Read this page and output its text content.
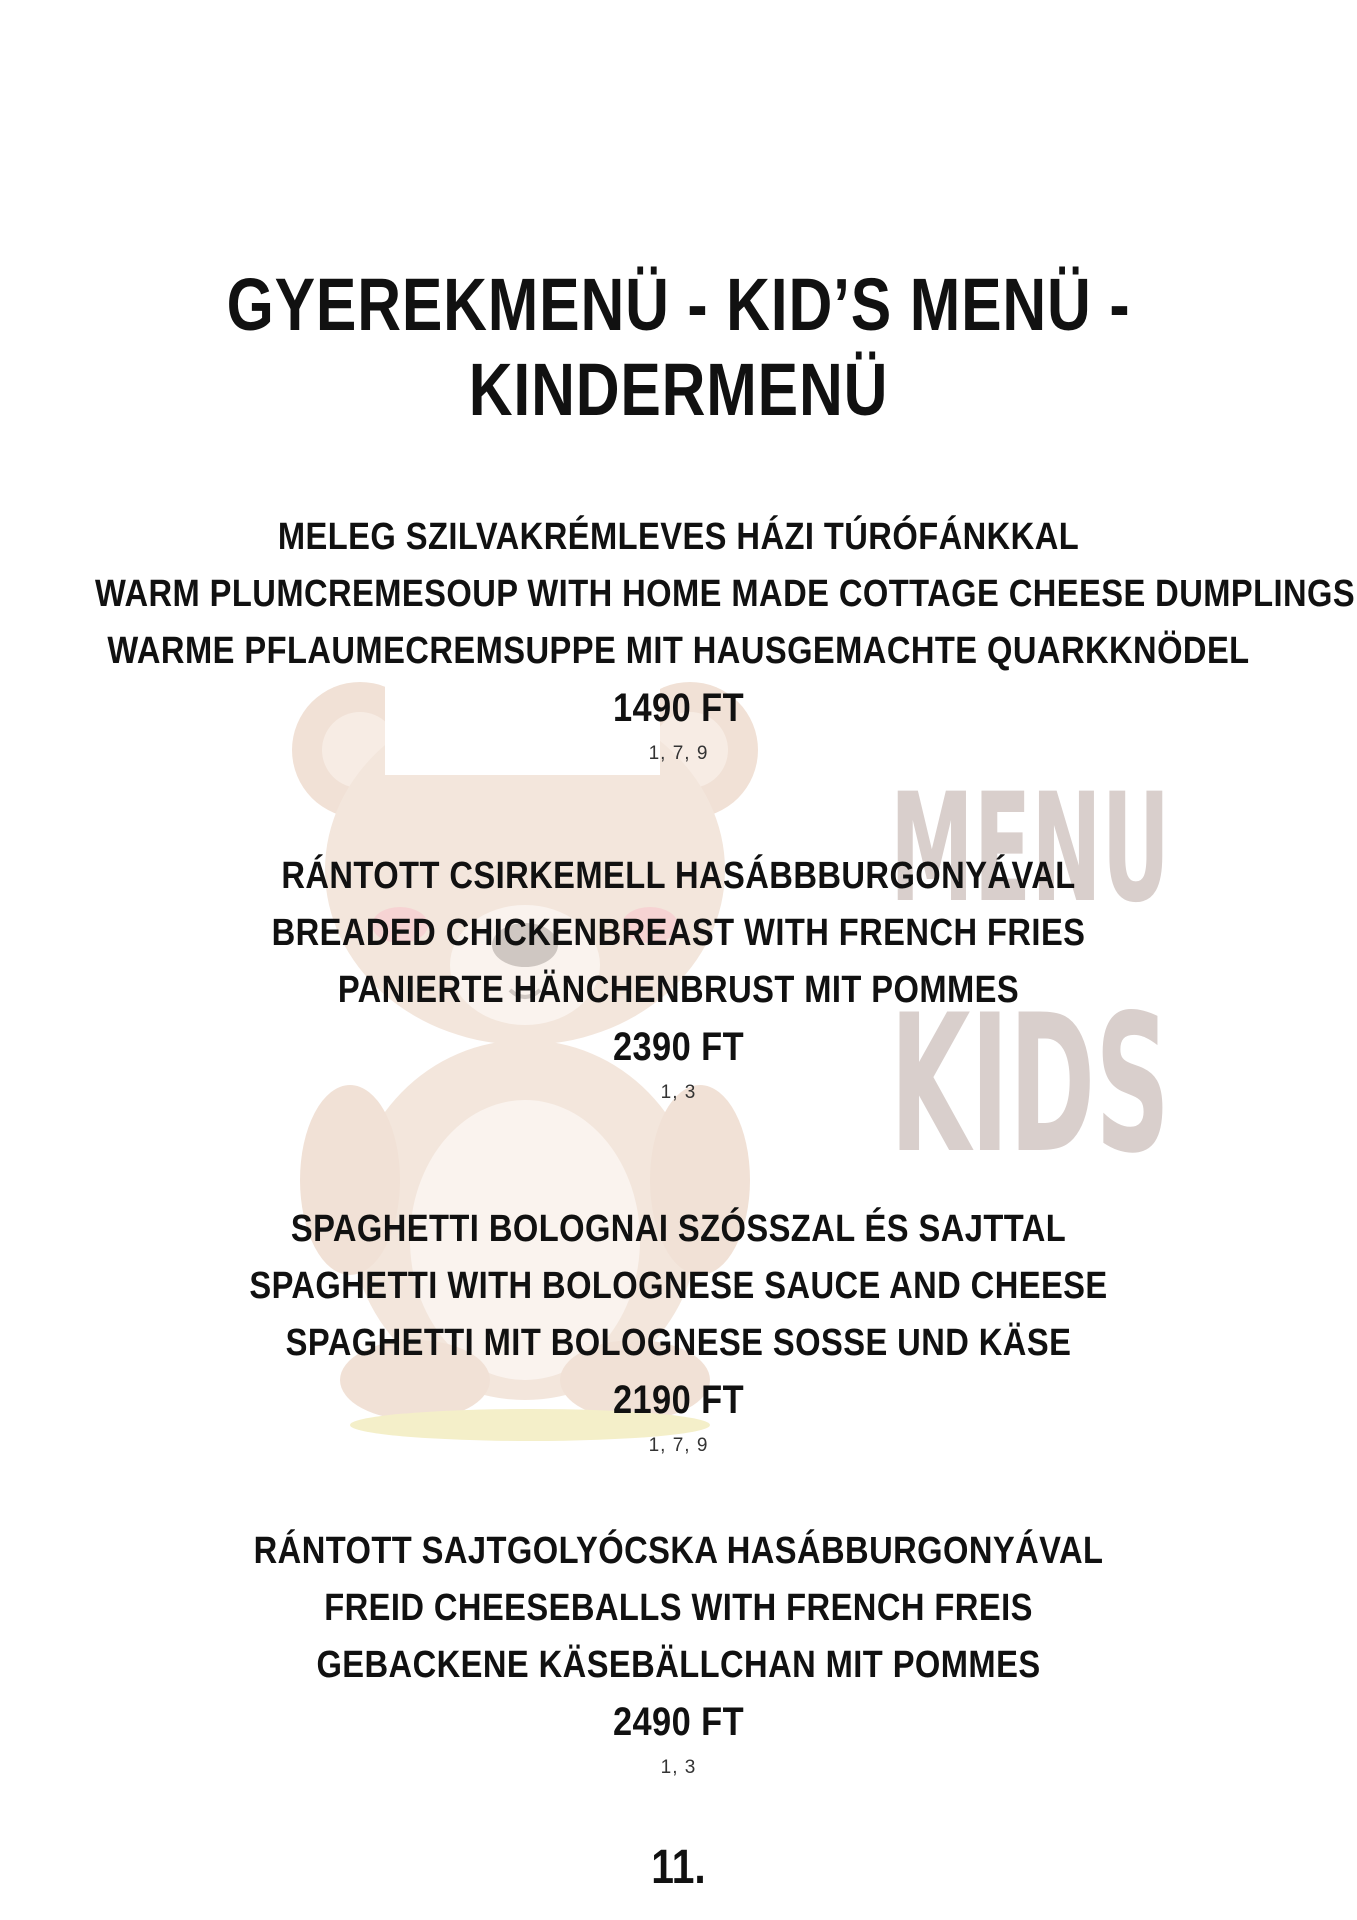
MENU
KIDS
GYEREKMENÜ - KID’S MENÜ -KINDERMENÜ
MELEG SZILVAKRÉMLEVES HÁZI TÚRÓFÁNKKAL
WARM PLUMCREMESOUP WITH HOME MADE COTTAGE CHEESE DUMPLINGS
WARME PFLAUMECREMSUPPE MIT HAUSGEMACHTE QUARKKNÖDEL
1490 FT
1, 7, 9
RÁNTOTT CSIRKEMELL HASÁBBBURGONYÁVAL
BREADED CHICKENBREAST WITH FRENCH FRIES
PANIERTE HÄNCHENBRUST MIT POMMES
2390 FT
1, 3
SPAGHETTI BOLOGNAI SZÓSSZAL ÉS SAJTTAL
SPAGHETTI WITH BOLOGNESE SAUCE AND CHEESE
SPAGHETTI MIT BOLOGNESE SOSSE UND KÄSE
2190 FT
1, 7, 9
RÁNTOTT SAJTGOLYÓCSKA HASÁBBURGONYÁVAL
FREID CHEESEBALLS WITH FRENCH FREIS
GEBACKENE KÄSEBÄLLCHAN MIT POMMES
2490 FT
1, 3
11.
